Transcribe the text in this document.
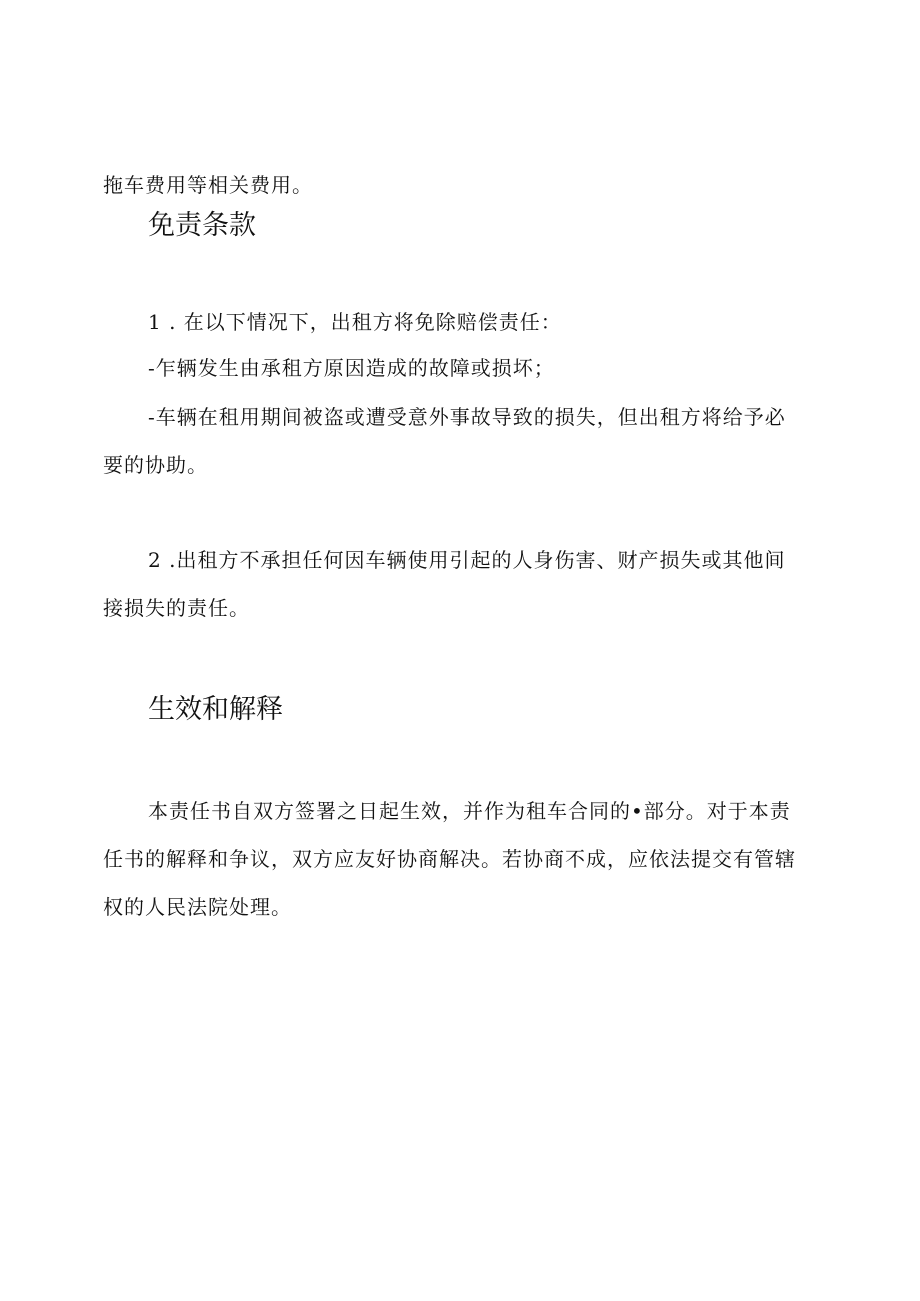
拖车费用等相关费用。
免责条款
1 . 在以下情况下，出租方将免除赔偿责任：
-乍辆发生由承租方原因造成的故障或损坏；
-车辆在租用期间被盗或遭受意外事故导致的损失，但出租方将给予必
要的协助。
2 .出租方不承担任何因车辆使用引起的人身伤害、财产损失或其他间
接损失的责任。
生效和解释
本责任书自双方签署之日起生效，并作为租车合同的•部分。对于本责
任书的解释和争议，双方应友好协商解决。若协商不成，应依法提交有管辖
权的人民法院处理。
